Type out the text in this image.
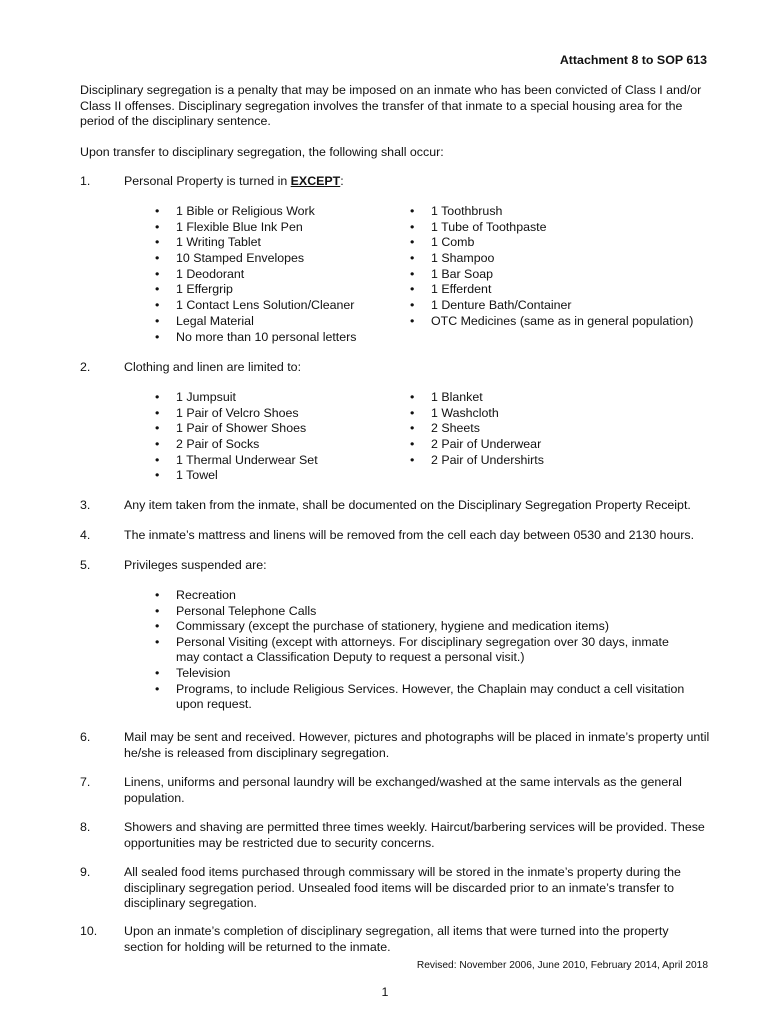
Attachment 8 to SOP 613
Disciplinary segregation is a penalty that may be imposed on an inmate who has been convicted of Class I and/or Class II offenses. Disciplinary segregation involves the transfer of that inmate to a special housing area for the period of the disciplinary sentence.
Upon transfer to disciplinary segregation, the following shall occur:
1.	Personal Property is turned in EXCEPT:
• 1 Bible or Religious Work
• 1 Flexible Blue Ink Pen
• 1 Writing Tablet
• 10 Stamped Envelopes
• 1 Deodorant
• 1 Effergrip
• 1 Contact Lens Solution/Cleaner
• Legal Material
• No more than 10 personal letters
• 1 Toothbrush
• 1 Tube of Toothpaste
• 1 Comb
• 1 Shampoo
• 1 Bar Soap
• 1 Efferdent
• 1 Denture Bath/Container
• OTC Medicines (same as in general population)
2.	Clothing and linen are limited to:
• 1 Jumpsuit
• 1 Pair of Velcro Shoes
• 1 Pair of Shower Shoes
• 2 Pair of Socks
• 1 Thermal Underwear Set
• 1 Towel
• 1 Blanket
• 1 Washcloth
• 2 Sheets
• 2 Pair of Underwear
• 2 Pair of Undershirts
3.	Any item taken from the inmate, shall be documented on the Disciplinary Segregation Property Receipt.
4.	The inmate’s mattress and linens will be removed from the cell each day between 0530 and 2130 hours.
5.	Privileges suspended are:
• Recreation
• Personal Telephone Calls
• Commissary (except the purchase of stationery, hygiene and medication items)
• Personal Visiting (except with attorneys. For disciplinary segregation over 30 days, inmate may contact a Classification Deputy to request a personal visit.)
• Television
• Programs, to include Religious Services. However, the Chaplain may conduct a cell visitation upon request.
6.	Mail may be sent and received. However, pictures and photographs will be placed in inmate’s property until he/she is released from disciplinary segregation.
7.	Linens, uniforms and personal laundry will be exchanged/washed at the same intervals as the general population.
8.	Showers and shaving are permitted three times weekly. Haircut/barbering services will be provided. These opportunities may be restricted due to security concerns.
9.	All sealed food items purchased through commissary will be stored in the inmate’s property during the disciplinary segregation period. Unsealed food items will be discarded prior to an inmate’s transfer to disciplinary segregation.
10. Upon an inmate’s completion of disciplinary segregation, all items that were turned into the property section for holding will be returned to the inmate.
Revised: November 2006, June 2010, February 2014, April 2018
1
